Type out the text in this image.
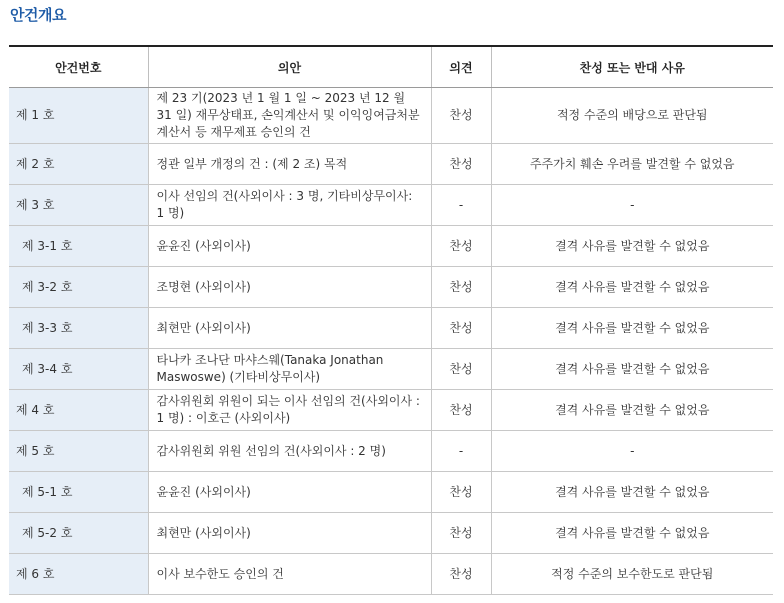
안건개요
안건번호	의안	의견	찬성 또는 반대 사유
제 1 호	제 23 기(2023 년 1 월 1 일 ~ 2023 년 12 월 31 일) 재무상태표, 손익계산서 및 이익잉여금처분계산서 등 재무제표 승인의 건	찬성	적정 수준의 배당으로 판단됨
제 2 호	정관 일부 개정의 건 : (제 2 조) 목적	찬성	주주가치 훼손 우려를 발견할 수 없었음
제 3 호	이사 선임의 건(사외이사 : 3 명, 기타비상무이사: 1 명)	-	-
제 3-1 호	윤윤진 (사외이사)	찬성	결격 사유를 발견할 수 없었음
제 3-2 호	조명현 (사외이사)	찬성	결격 사유를 발견할 수 없었음
제 3-3 호	최현만 (사외이사)	찬성	결격 사유를 발견할 수 없었음
제 3-4 호	타나카 조나단 마샤스웨(Tanaka Jonathan Maswoswe) (기타비상무이사)	찬성	결격 사유를 발견할 수 없었음
제 4 호	감사위원회 위원이 되는 이사 선임의 건(사외이사 : 1 명) : 이호근 (사외이사)	찬성	결격 사유를 발견할 수 없었음
제 5 호	감사위원회 위원 선임의 건(사외이사 : 2 명)	-	-
제 5-1 호	윤윤진 (사외이사)	찬성	결격 사유를 발견할 수 없었음
제 5-2 호	최현만 (사외이사)	찬성	결격 사유를 발견할 수 없었음
제 6 호	이사 보수한도 승인의 건	찬성	적정 수준의 보수한도로 판단됨
